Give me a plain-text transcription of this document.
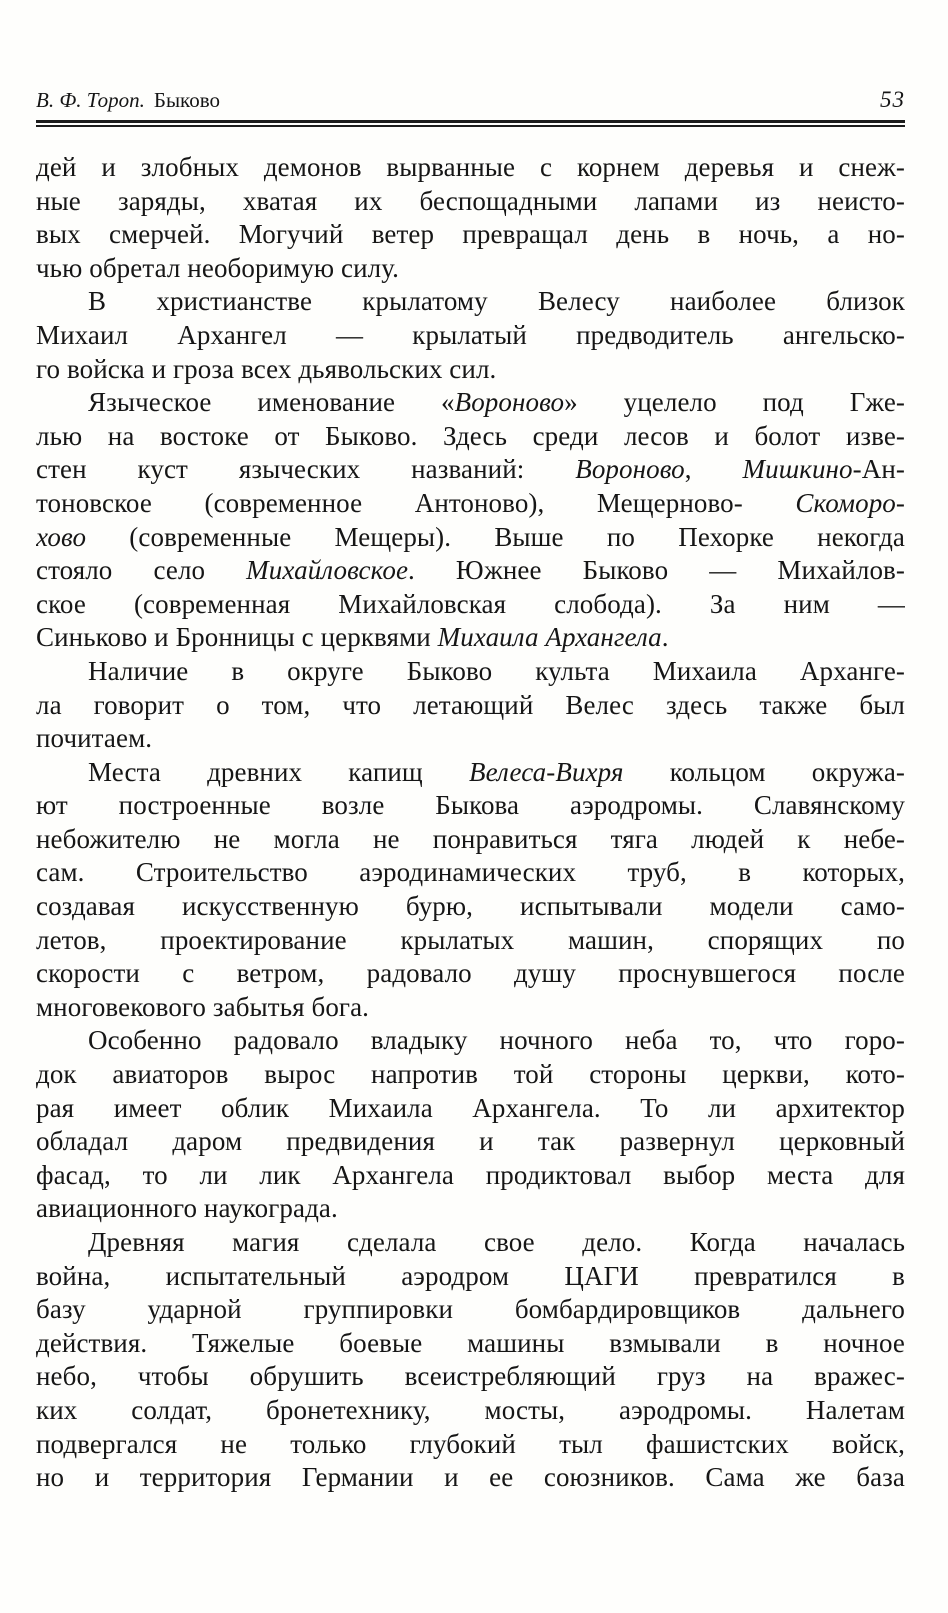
В. Ф. Тороп. Быково	53
дей и злобных демонов вырванные с корнем деревья и снеж-
ные заряды, хватая их беспощадными лапами из неисто-
вых смерчей. Могучий ветер превращал день в ночь, а но-
чью обретал необоримую силу.
В христианстве крылатому Велесу наиболее близок
Михаил Архангел — крылатый предводитель ангельско-
го войска и гроза всех дьявольских сил.
Языческое именование «Вороново» уцелело под Гже-
лью на востоке от Быково. Здесь среди лесов и болот изве-
стен куст языческих названий: Вороново, Мишкино-Ан-
тоновское (современное Антоново), Мещерново- Скоморо-
хово (современные Мещеры). Выше по Пехорке некогда
стояло село Михайловское. Южнее Быково — Михайлов-
ское (современная Михайловская слобода). За ним —
Синьково и Бронницы с церквями Михаила Архангела.
Наличие в округе Быково культа Михаила Арханге-
ла говорит о том, что летающий Велес здесь также был
почитаем.
Места древних капищ Велеса-Вихря кольцом окружа-
ют построенные возле Быкова аэродромы. Славянскому
небожителю не могла не понравиться тяга людей к небе-
сам. Строительство аэродинамических труб, в которых,
создавая искусственную бурю, испытывали модели само-
летов, проектирование крылатых машин, спорящих по
скорости с ветром, радовало душу проснувшегося после
многовекового забытья бога.
Особенно радовало владыку ночного неба то, что горо-
док авиаторов вырос напротив той стороны церкви, кото-
рая имеет облик Михаила Архангела. То ли архитектор
обладал даром предвидения и так развернул церковный
фасад, то ли лик Архангела продиктовал выбор места для
авиационного наукограда.
Древняя магия сделала свое дело. Когда началась
война, испытательный аэродром ЦАГИ превратился в
базу ударной группировки бомбардировщиков дальнего
действия. Тяжелые боевые машины взмывали в ночное
небо, чтобы обрушить всеистребляющий груз на вражес-
ких солдат, бронетехнику, мосты, аэродромы. Налетам
подвергался не только глубокий тыл фашистских войск,
но и территория Германии и ее союзников. Сама же база
